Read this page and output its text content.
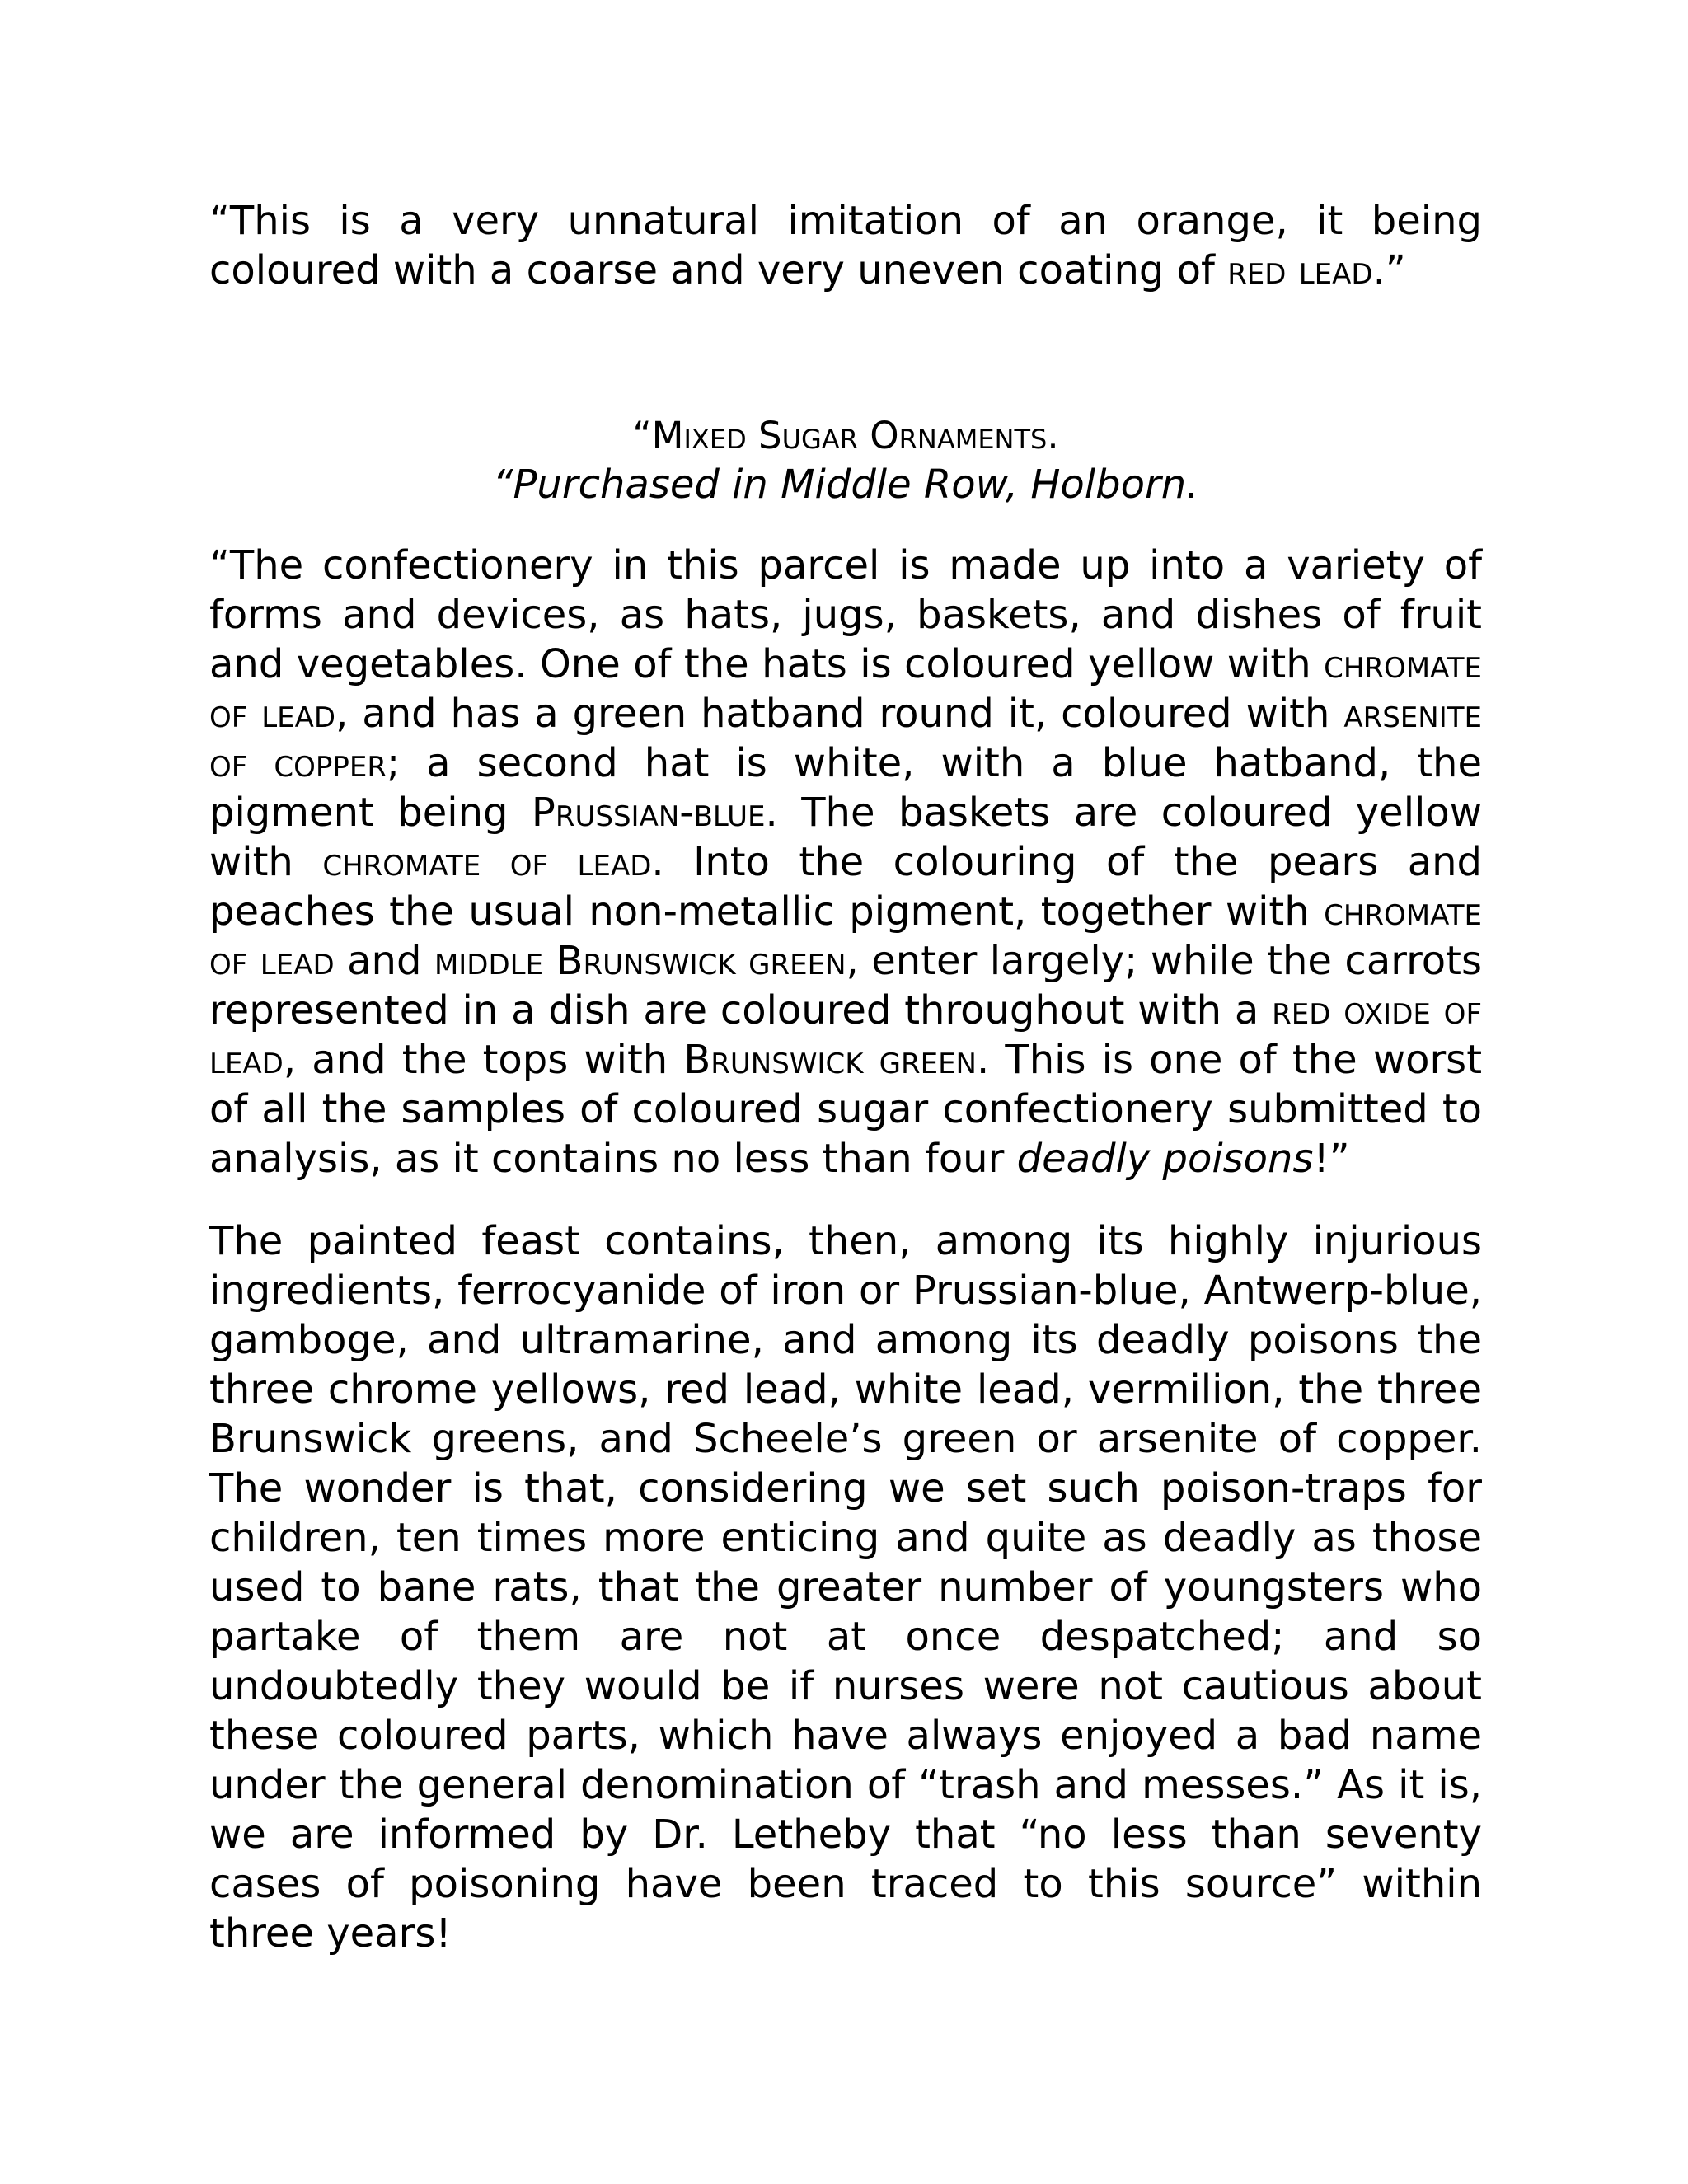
“This is a very unnatural imitation of an orange, it being coloured with a coarse and very uneven coating of red lead.”

“Mixed Sugar Ornaments.

“Purchased in Middle Row, Holborn.

“The confectionery in this parcel is made up into a variety of forms and devices, as hats, jugs, baskets, and dishes of fruit and vegetables. One of the hats is coloured yellow with chromate of lead, and has a green hatband round it, coloured with arsenite of copper; a second hat is white, with a blue hatband, the pigment being Prussian-blue. The baskets are coloured yellow with chromate of lead. Into the colouring of the pears and peaches the usual non-metallic pigment, together with chromate of lead and middle Brunswick green, enter largely; while the carrots represented in a dish are coloured throughout with a red oxide of lead, and the tops with Brunswick green. This is one of the worst of all the samples of coloured sugar confectionery submitted to analysis, as it contains no less than four deadly poisons!”

The painted feast contains, then, among its highly injurious ingredients, ferrocyanide of iron or Prussian-blue, Antwerp-blue, gamboge, and ultramarine, and among its deadly poisons the three chrome yellows, red lead, white lead, vermilion, the three Brunswick greens, and Scheele’s green or arsenite of copper. The wonder is that, considering we set such poison-traps for children, ten times more enticing and quite as deadly as those used to bane rats, that the greater number of youngsters who partake of them are not at once despatched; and so undoubtedly they would be if nurses were not cautious about these coloured parts, which have always enjoyed a bad name under the general denomination of “trash and messes.” As it is, we are informed by Dr. Letheby that “no less than seventy cases of poisoning have been traced to this source” within three years!
